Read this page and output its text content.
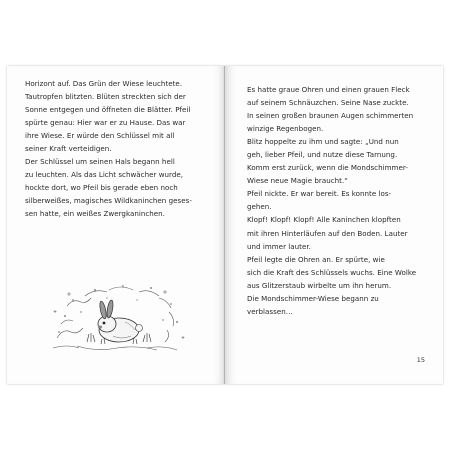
Horizont auf. Das Grün der Wiese leuchtete.
Tautropfen blitzten. Blüten streckten sich der
Sonne entgegen und öffneten die Blätter. Pfeil
spürte genau: Hier war er zu Hause. Das war
ihre Wiese. Er würde den Schlüssel mit all
seiner Kraft verteidigen.
Der Schlüssel um seinen Hals begann hell
zu leuchten. Als das Licht schwächer wurde,
hockte dort, wo Pfeil bis gerade eben noch
silberweißes, magisches Wildkaninchen geses-
sen hatte, ein weißes Zwergkaninchen.
Es hatte graue Ohren und einen grauen Fleck
auf seinem Schnäuzchen. Seine Nase zuckte.
In seinen großen braunen Augen schimmerten
winzige Regenbogen.
Blitz hoppelte zu ihm und sagte: „Und nun
geh, lieber Pfeil, und nutze diese Tarnung.
Komm erst zurück, wenn die Mondschimmer-
Wiese neue Magie braucht.“
Pfeil nickte. Er war bereit. Es konnte los-
gehen.
Klopf! Klopf! Klopf! Alle Kaninchen klopften
mit ihren Hinterläufen auf den Boden. Lauter
und immer lauter.
Pfeil legte die Ohren an. Er spürte, wie
sich die Kraft des Schlüssels wuchs. Eine Wolke
aus Glitzerstaub wirbelte um ihn herum.
Die Mondschimmer-Wiese begann zu
verblassen…
15
